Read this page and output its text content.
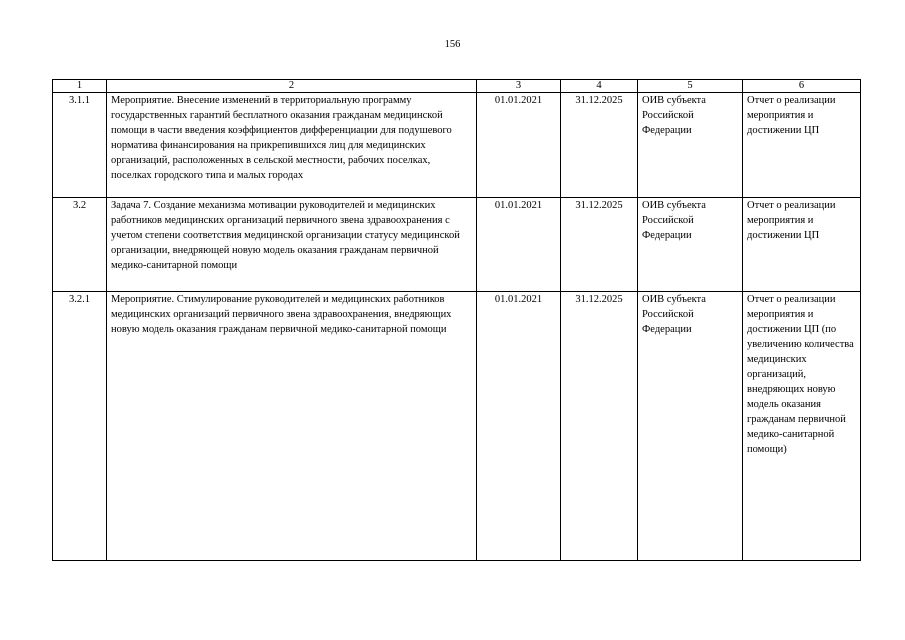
156
1	2	3	4	5	6
3.1.1	Мероприятие. Внесение изменений в территориальную программу государственных гарантий бесплатного оказания гражданам медицинской помощи в части введения коэффициентов дифференциации для подушевого норматива финансирования на прикрепившихся лиц для медицинских организаций, расположенных в сельской местности, рабочих поселках, поселках городского типа и малых городах	01.01.2021	31.12.2025	ОИВ субъекта Российской Федерации	Отчет о реализации мероприятия и достижении ЦП
3.2	Задача 7. Создание механизма мотивации руководителей и медицинских работников медицинских организаций первичного звена здравоохранения с учетом степени соответствия медицинской организации статусу медицинской организации, внедряющей новую модель оказания гражданам первичной медико-санитарной помощи	01.01.2021	31.12.2025	ОИВ субъекта Российской Федерации	Отчет о реализации мероприятия и достижении ЦП
3.2.1	Мероприятие. Стимулирование руководителей и медицинских работников медицинских организаций первичного звена здравоохранения, внедряющих новую модель оказания гражданам первичной медико-санитарной помощи	01.01.2021	31.12.2025	ОИВ субъекта Российской Федерации	Отчет о реализации мероприятия и достижении ЦП (по увеличению количества медицинских организаций, внедряющих новую модель оказания гражданам первичной медико-санитарной помощи)
